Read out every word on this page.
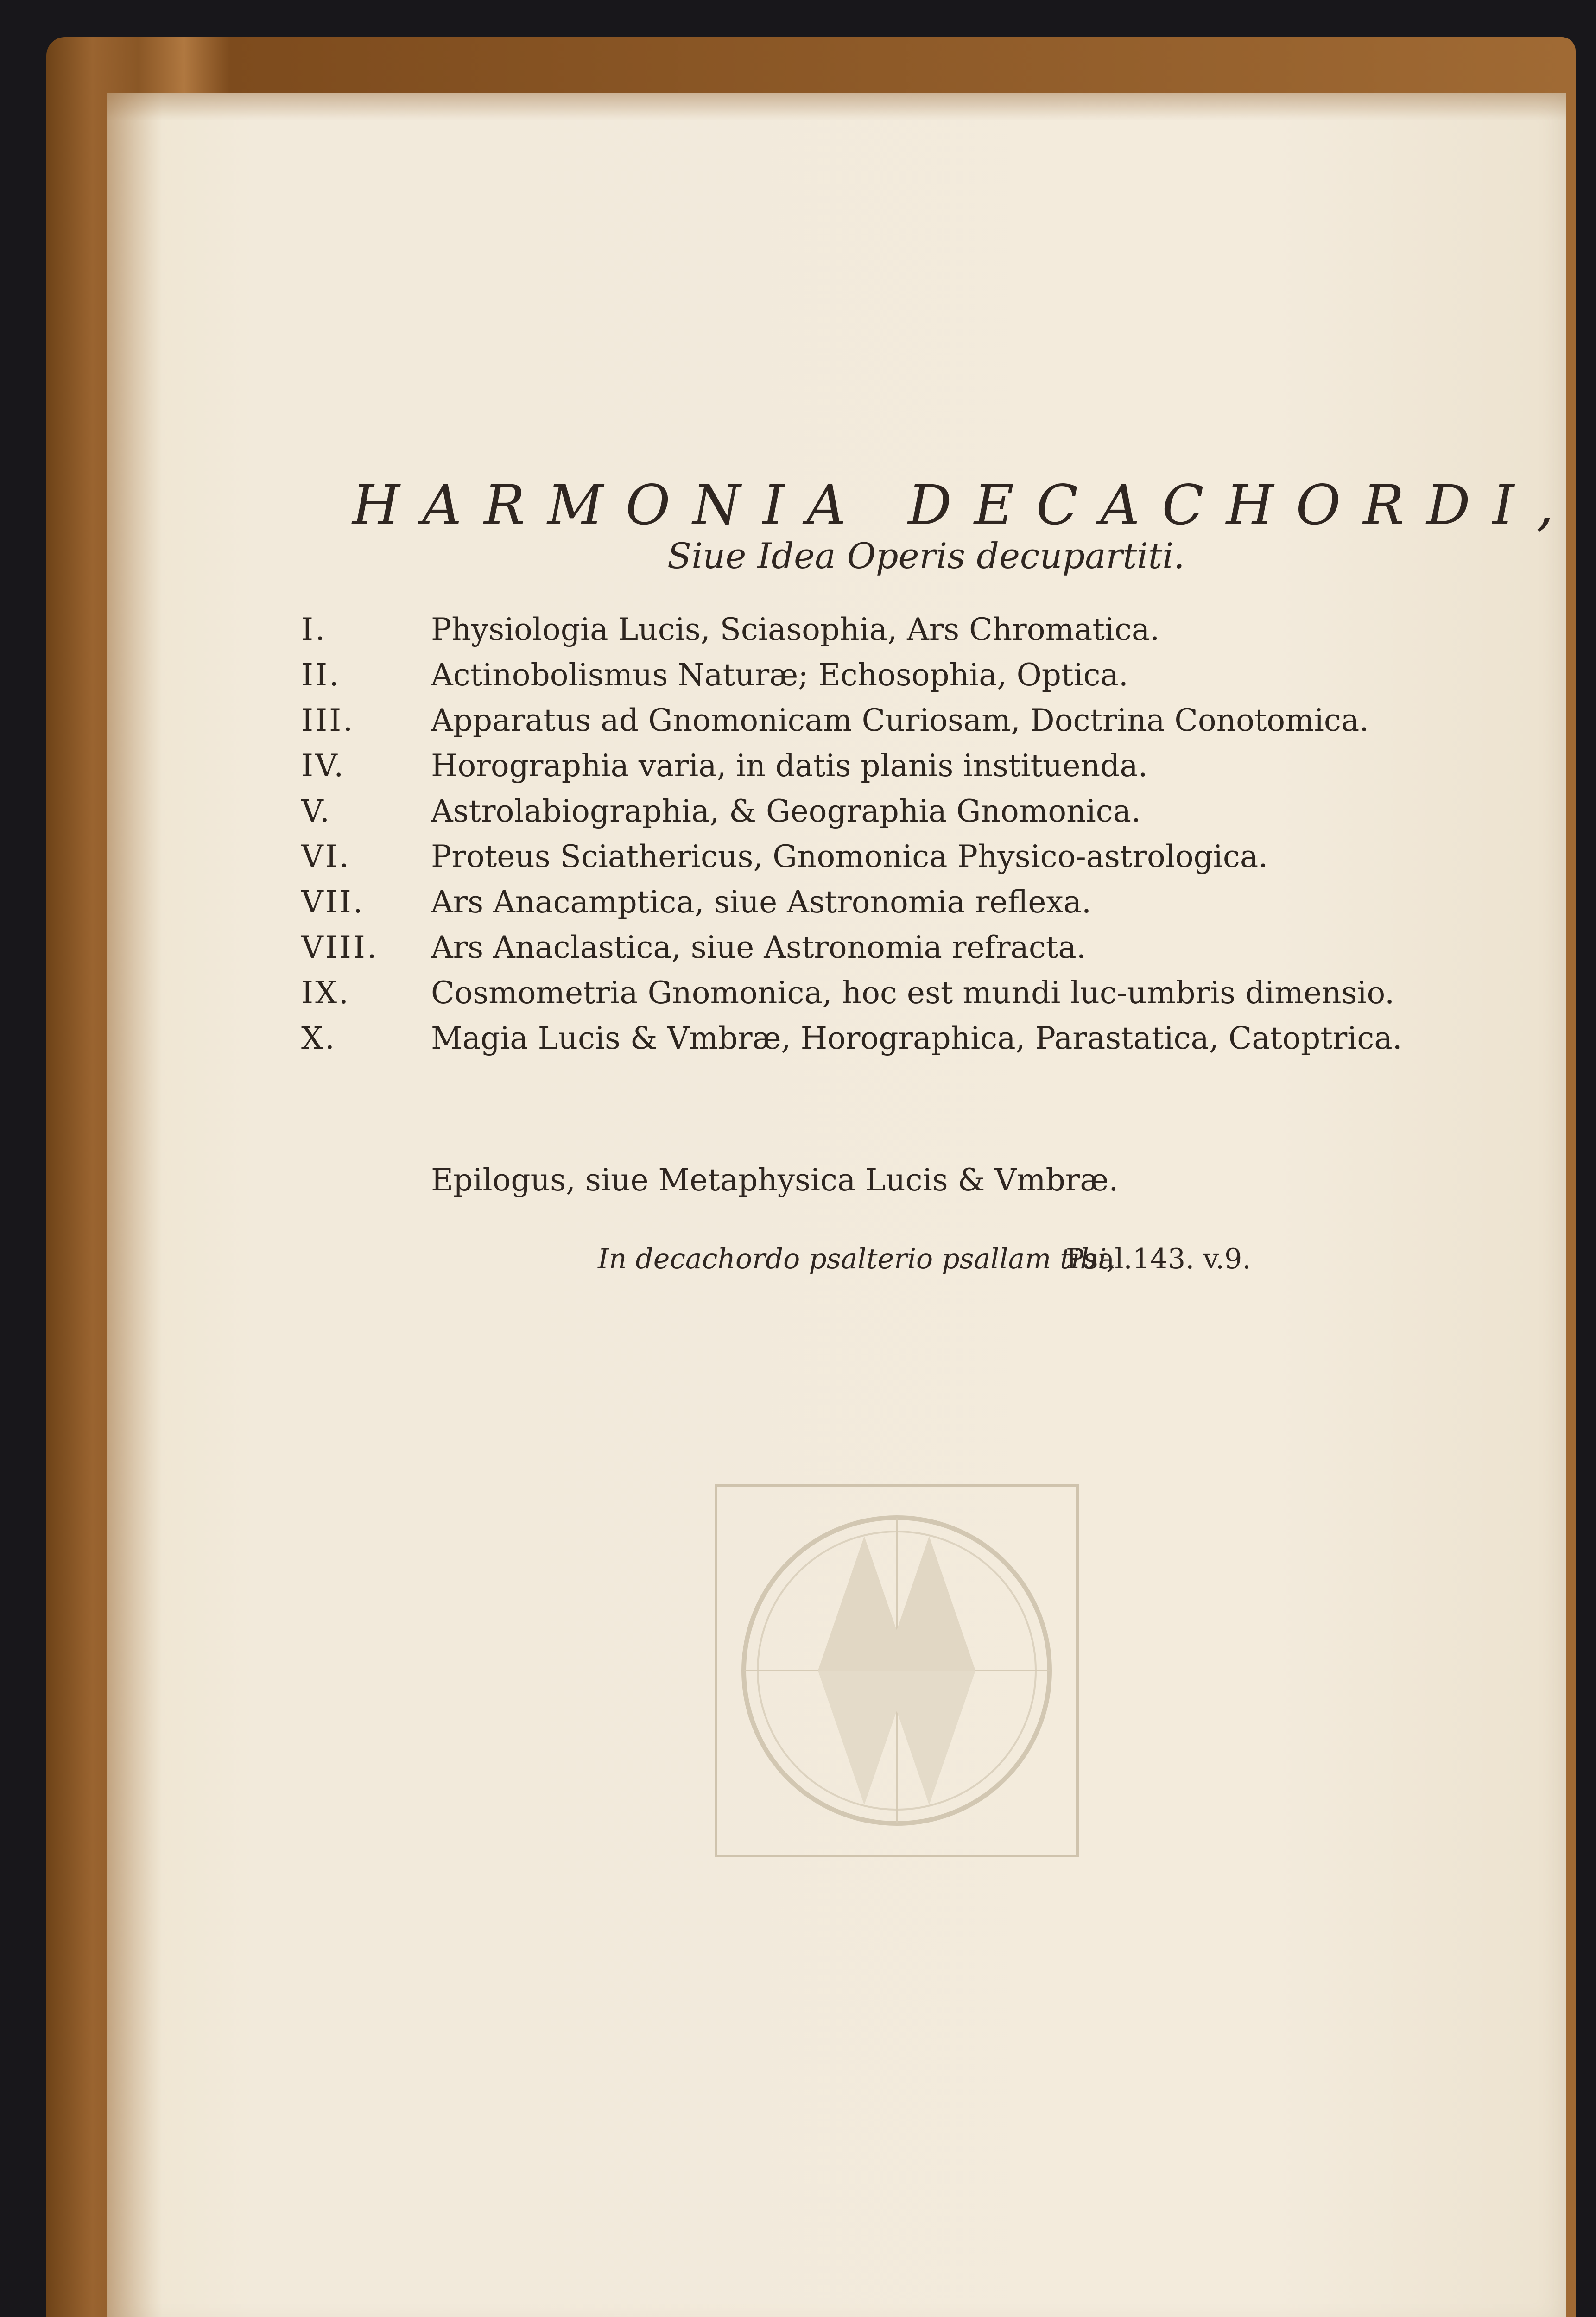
HARMONIA DECACHORDI,
Siue Idea Operis decupartiti.
I.	Physiologia Lucis, Sciasophia, Ars Chromatica.
II.	Actinobolismus Naturæ; Echosophia, Optica.
III. Apparatus ad Gnomonicam Curiosam, Doctrina Conotomica.
IV.	Horographia varia, in datis planis instituenda.
V.	Astrolabiographia, & Geographia Gnomonica.
VI.	Proteus Sciathericus, Gnomonica Physico-astrologica.
VII. Ars Anacamptica, siue Astronomia reflexa.
VIII. Ars Anaclastica, siue Astronomia refracta.
IX.	Cosmometria Gnomonica, hoc est mundi luc-umbris dimensio.
X.	Magia Lucis & Vmbræ, Horographica, Parastatica, Catoptrica.
Epilogus, siue Metaphysica Lucis & Vmbræ.
In decachordo psalterio psallam tibi,
Psal.143. v.9.
